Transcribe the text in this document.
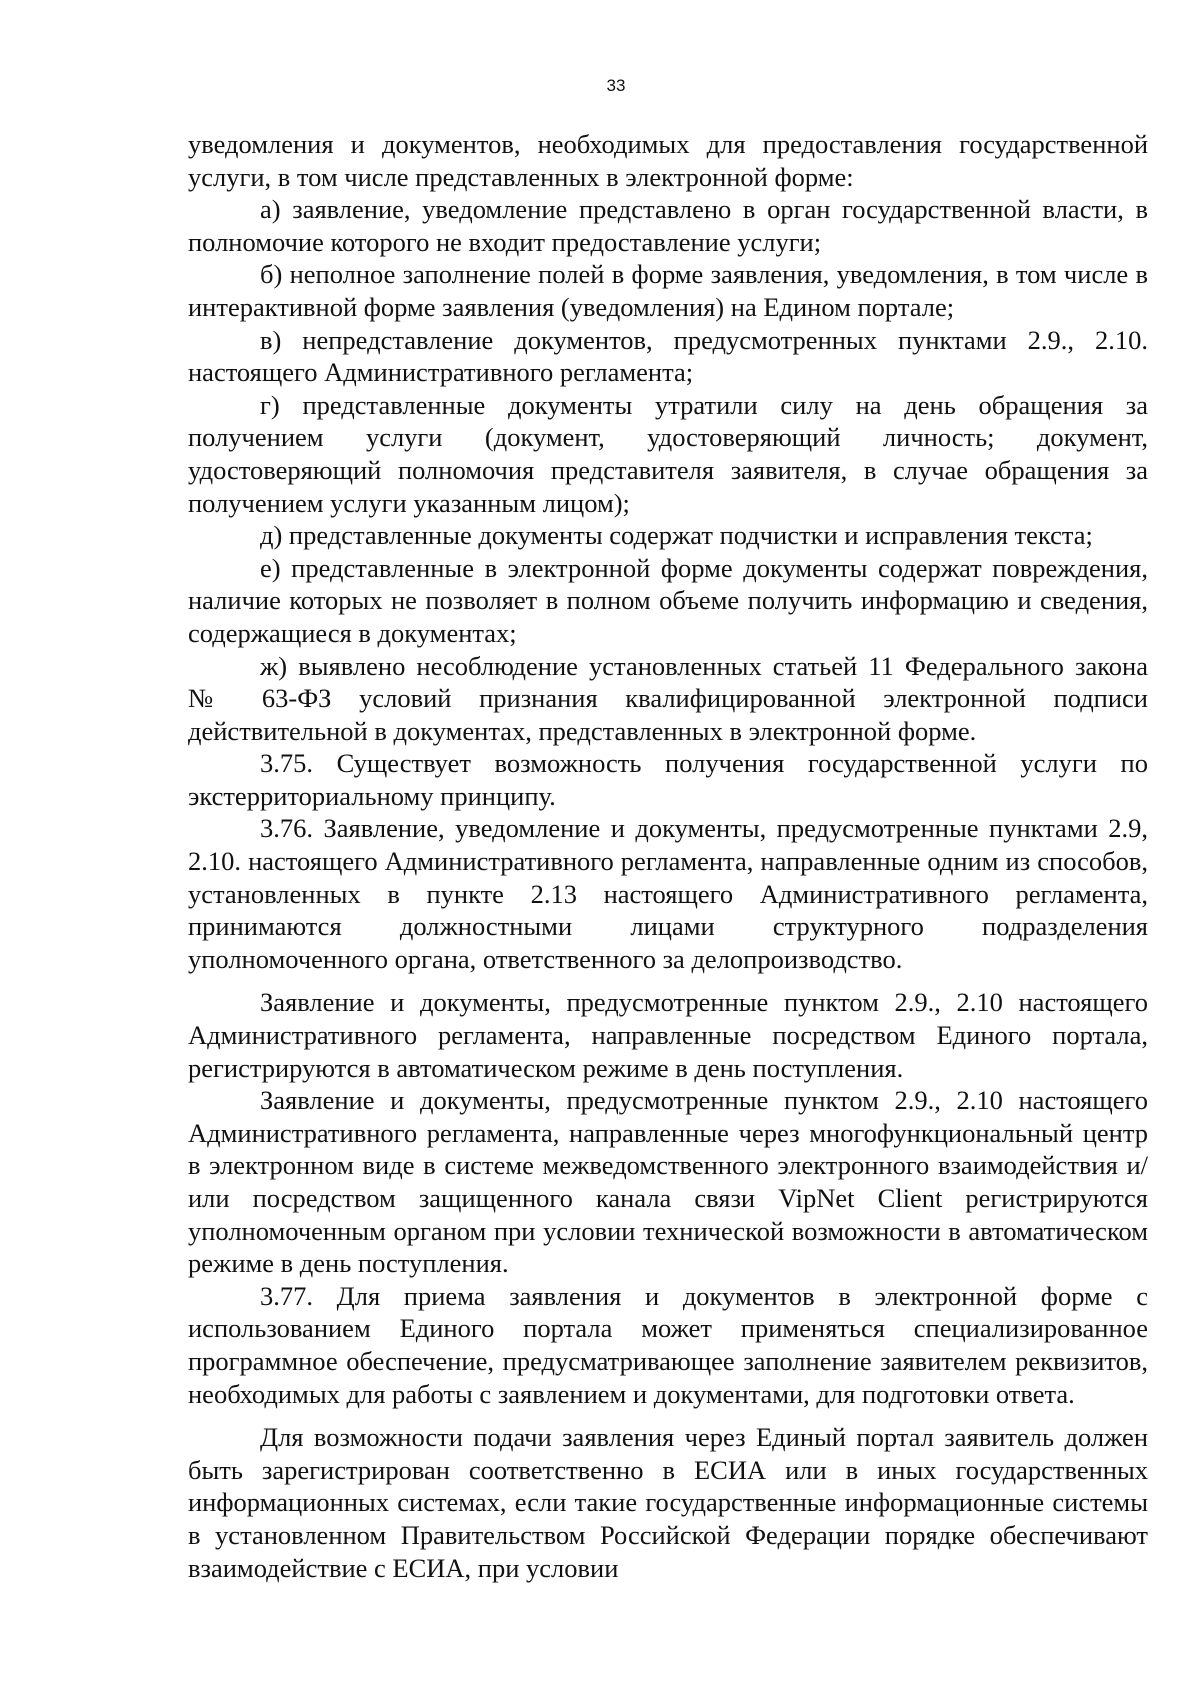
33

уведомления и документов, необходимых для предоставления государственной услуги, в том числе представленных в электронной форме:

а) заявление, уведомление представлено в орган государственной власти, в полномочие которого не входит предоставление услуги;

б) неполное заполнение полей в форме заявления, уведомления, в том числе в интерактивной форме заявления (уведомления) на Едином портале;

в) непредставление документов, предусмотренных пунктами 2.9., 2.10. настоящего Административного регламента;

г) представленные документы утратили силу на день обращения за получением услуги (документ, удостоверяющий личность; документ, удостоверяющий полномочия представителя заявителя, в случае обращения за получением услуги указанным лицом);

д) представленные документы содержат подчистки и исправления текста;

е) представленные в электронной форме документы содержат повреждения, наличие которых не позволяет в полном объеме получить информацию и сведения, содержащиеся в документах;

ж) выявлено несоблюдение установленных статьей 11 Федерального закона № 63-ФЗ условий признания квалифицированной электронной подписи действительной в документах, представленных в электронной форме.

3.75. Существует возможность получения государственной услуги по экстерриториальному принципу.

3.76. Заявление, уведомление и документы, предусмотренные пунктами 2.9, 2.10. настоящего Административного регламента, направленные одним из способов, установленных в пункте 2.13 настоящего Административного регламента, принимаются должностными лицами структурного подразделения уполномоченного органа, ответственного за делопроизводство.

Заявление и документы, предусмотренные пунктом 2.9., 2.10 настоящего Административного регламента, направленные посредством Единого портала, регистрируются в автоматическом режиме в день поступления.

Заявление и документы, предусмотренные пунктом 2.9., 2.10 настоящего Административного регламента, направленные через многофункциональный центр в электронном виде в системе межведомственного электронного взаимодействия и/или посредством защищенного канала связи VipNet Client регистрируются уполномоченным органом при условии технической возможности в автоматическом режиме в день поступления.

3.77. Для приема заявления и документов в электронной форме с использованием Единого портала может применяться специализированное программное обеспечение, предусматривающее заполнение заявителем реквизитов, необходимых для работы с заявлением и документами, для подготовки ответа.

Для возможности подачи заявления через Единый портал заявитель должен быть зарегистрирован соответственно в ЕСИА или в иных государственных информационных системах, если такие государственные информационные системы в установленном Правительством Российской Федерации порядке обеспечивают взаимодействие с ЕСИА, при условии
